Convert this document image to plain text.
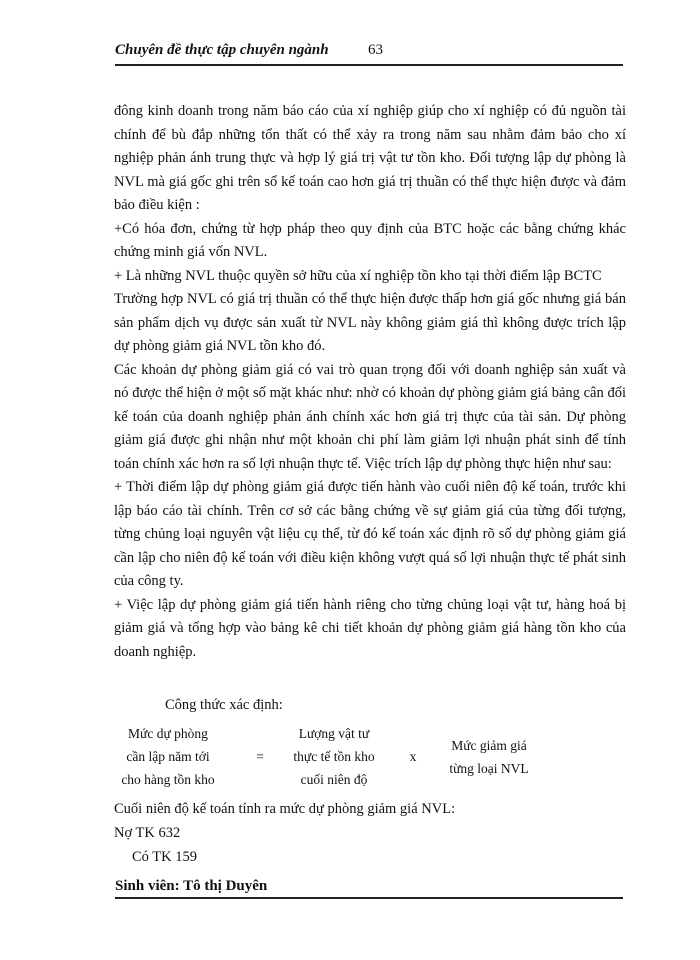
Chuyên đề thực tập chuyên ngành	63

đông kinh doanh trong năm báo cáo của xí nghiệp giúp cho xí nghiệp có đủ nguồn tài chính để bù đắp những tổn thất có thể xảy ra trong năm sau nhằm đảm bảo cho xí nghiệp phản ánh trung thực và hợp lý giá trị vật tư tồn kho. Đối tượng lập dự phòng là NVL mà giá gốc ghi trên sổ kế toán cao hơn giá trị thuần có thể thực hiện được và đảm bảo điều kiện :

+Có hóa đơn, chứng từ hợp pháp theo quy định của BTC hoặc các bằng chứng khác chứng minh giá vốn NVL.

+ Là những NVL thuộc quyền sở hữu của xí nghiệp tồn kho tại thời điểm lập BCTC

Trường hợp NVL có giá trị thuần có thể thực hiện được thấp hơn giá gốc nhưng giá bán sản phẩm dịch vụ được sản xuất từ NVL này không giảm giá thì không được trích lập dự phòng giảm giá NVL tồn kho đó.

Các khoản dự phòng giảm giá có vai trò quan trọng đối với doanh nghiệp sản xuất và nó được thể hiện ở một số mặt khác như: nhờ có khoản dự phòng giảm giá bảng cân đối kế toán của doanh nghiệp phản ánh chính xác hơn giá trị thực của tài sản. Dự phòng giảm giá được ghi nhận như một khoản chi phí làm giảm lợi nhuận phát sinh để tính toán chính xác hơn ra số lợi nhuận thực tế. Việc trích lập dự phòng thực hiện như sau:

+ Thời điểm lập dự phòng giảm giá được tiến hành vào cuối niên độ kế toán, trước khi lập báo cáo tài chính. Trên cơ sở các bằng chứng về sự giảm giá của từng đối tượng, từng chủng loại nguyên vật liệu cụ thể, từ đó kế toán xác định rõ số dự phòng giảm giá cần lập cho niên độ kế toán với điều kiện không vượt quá số lợi nhuận thực tế phát sinh của công ty.

+ Việc lập dự phòng giảm giá tiến hành riêng cho từng chủng loại vật tư, hàng hoá bị giảm giá và tổng hợp vào bảng kê chi tiết khoản dự phòng giảm giá hàng tồn kho của doanh nghiệp.

Công thức xác định:
Mức dự phòng
cần lập năm tới
cho hàng tồn kho
=
Lượng vật tư
thực tế tồn kho
cuối niên độ
x
Mức giảm giá
từng loại NVL
Cuối niên độ kế toán tính ra mức dự phòng giảm giá NVL:
Nợ TK 632
Có TK 159
Sinh viên: Tô thị Duyên
